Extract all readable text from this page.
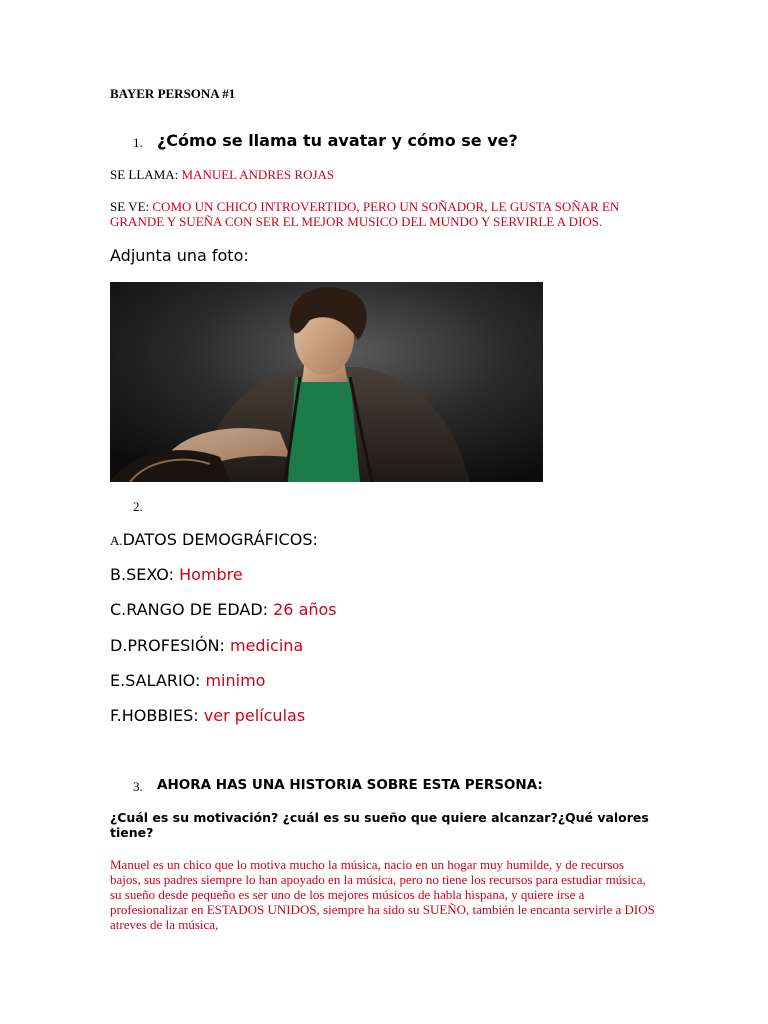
BAYER PERSONA #1
1. ¿Cómo se llama tu avatar y cómo se ve?
SE LLAMA: MANUEL ANDRES ROJAS
SE VE: COMO UN CHICO INTROVERTIDO, PERO UN SOÑADOR, LE GUSTA SOÑAR EN GRANDE Y SUEÑA CON SER EL MEJOR MUSICO DEL MUNDO Y SERVIRLE A DIOS.
Adjunta una foto:
2.
A.DATOS DEMOGRÁFICOS:
B.SEXO: Hombre
C.RANGO DE EDAD: 26 años
D.PROFESIÓN: medicina
E.SALARIO: minimo
F.HOBBIES: ver películas
3. AHORA HAS UNA HISTORIA SOBRE ESTA PERSONA:
¿Cuál es su motivación? ¿cuál es su sueño que quiere alcanzar?¿Qué valores tiene?
Manuel es un chico que lo motiva mucho la música, nacio en un hogar muy humilde, y de recursos bajos, sus padres siempre lo han apoyado en la música, pero no tiene los recursos para estudiar música, su sueño desde pequeño es ser uno de los mejores músicos de habla hispana, y quiere irse a profesionalizar en ESTADOS UNIDOS, siempre ha sido su SUEÑO, también le encanta servirle a DIOS atreves de la música,
